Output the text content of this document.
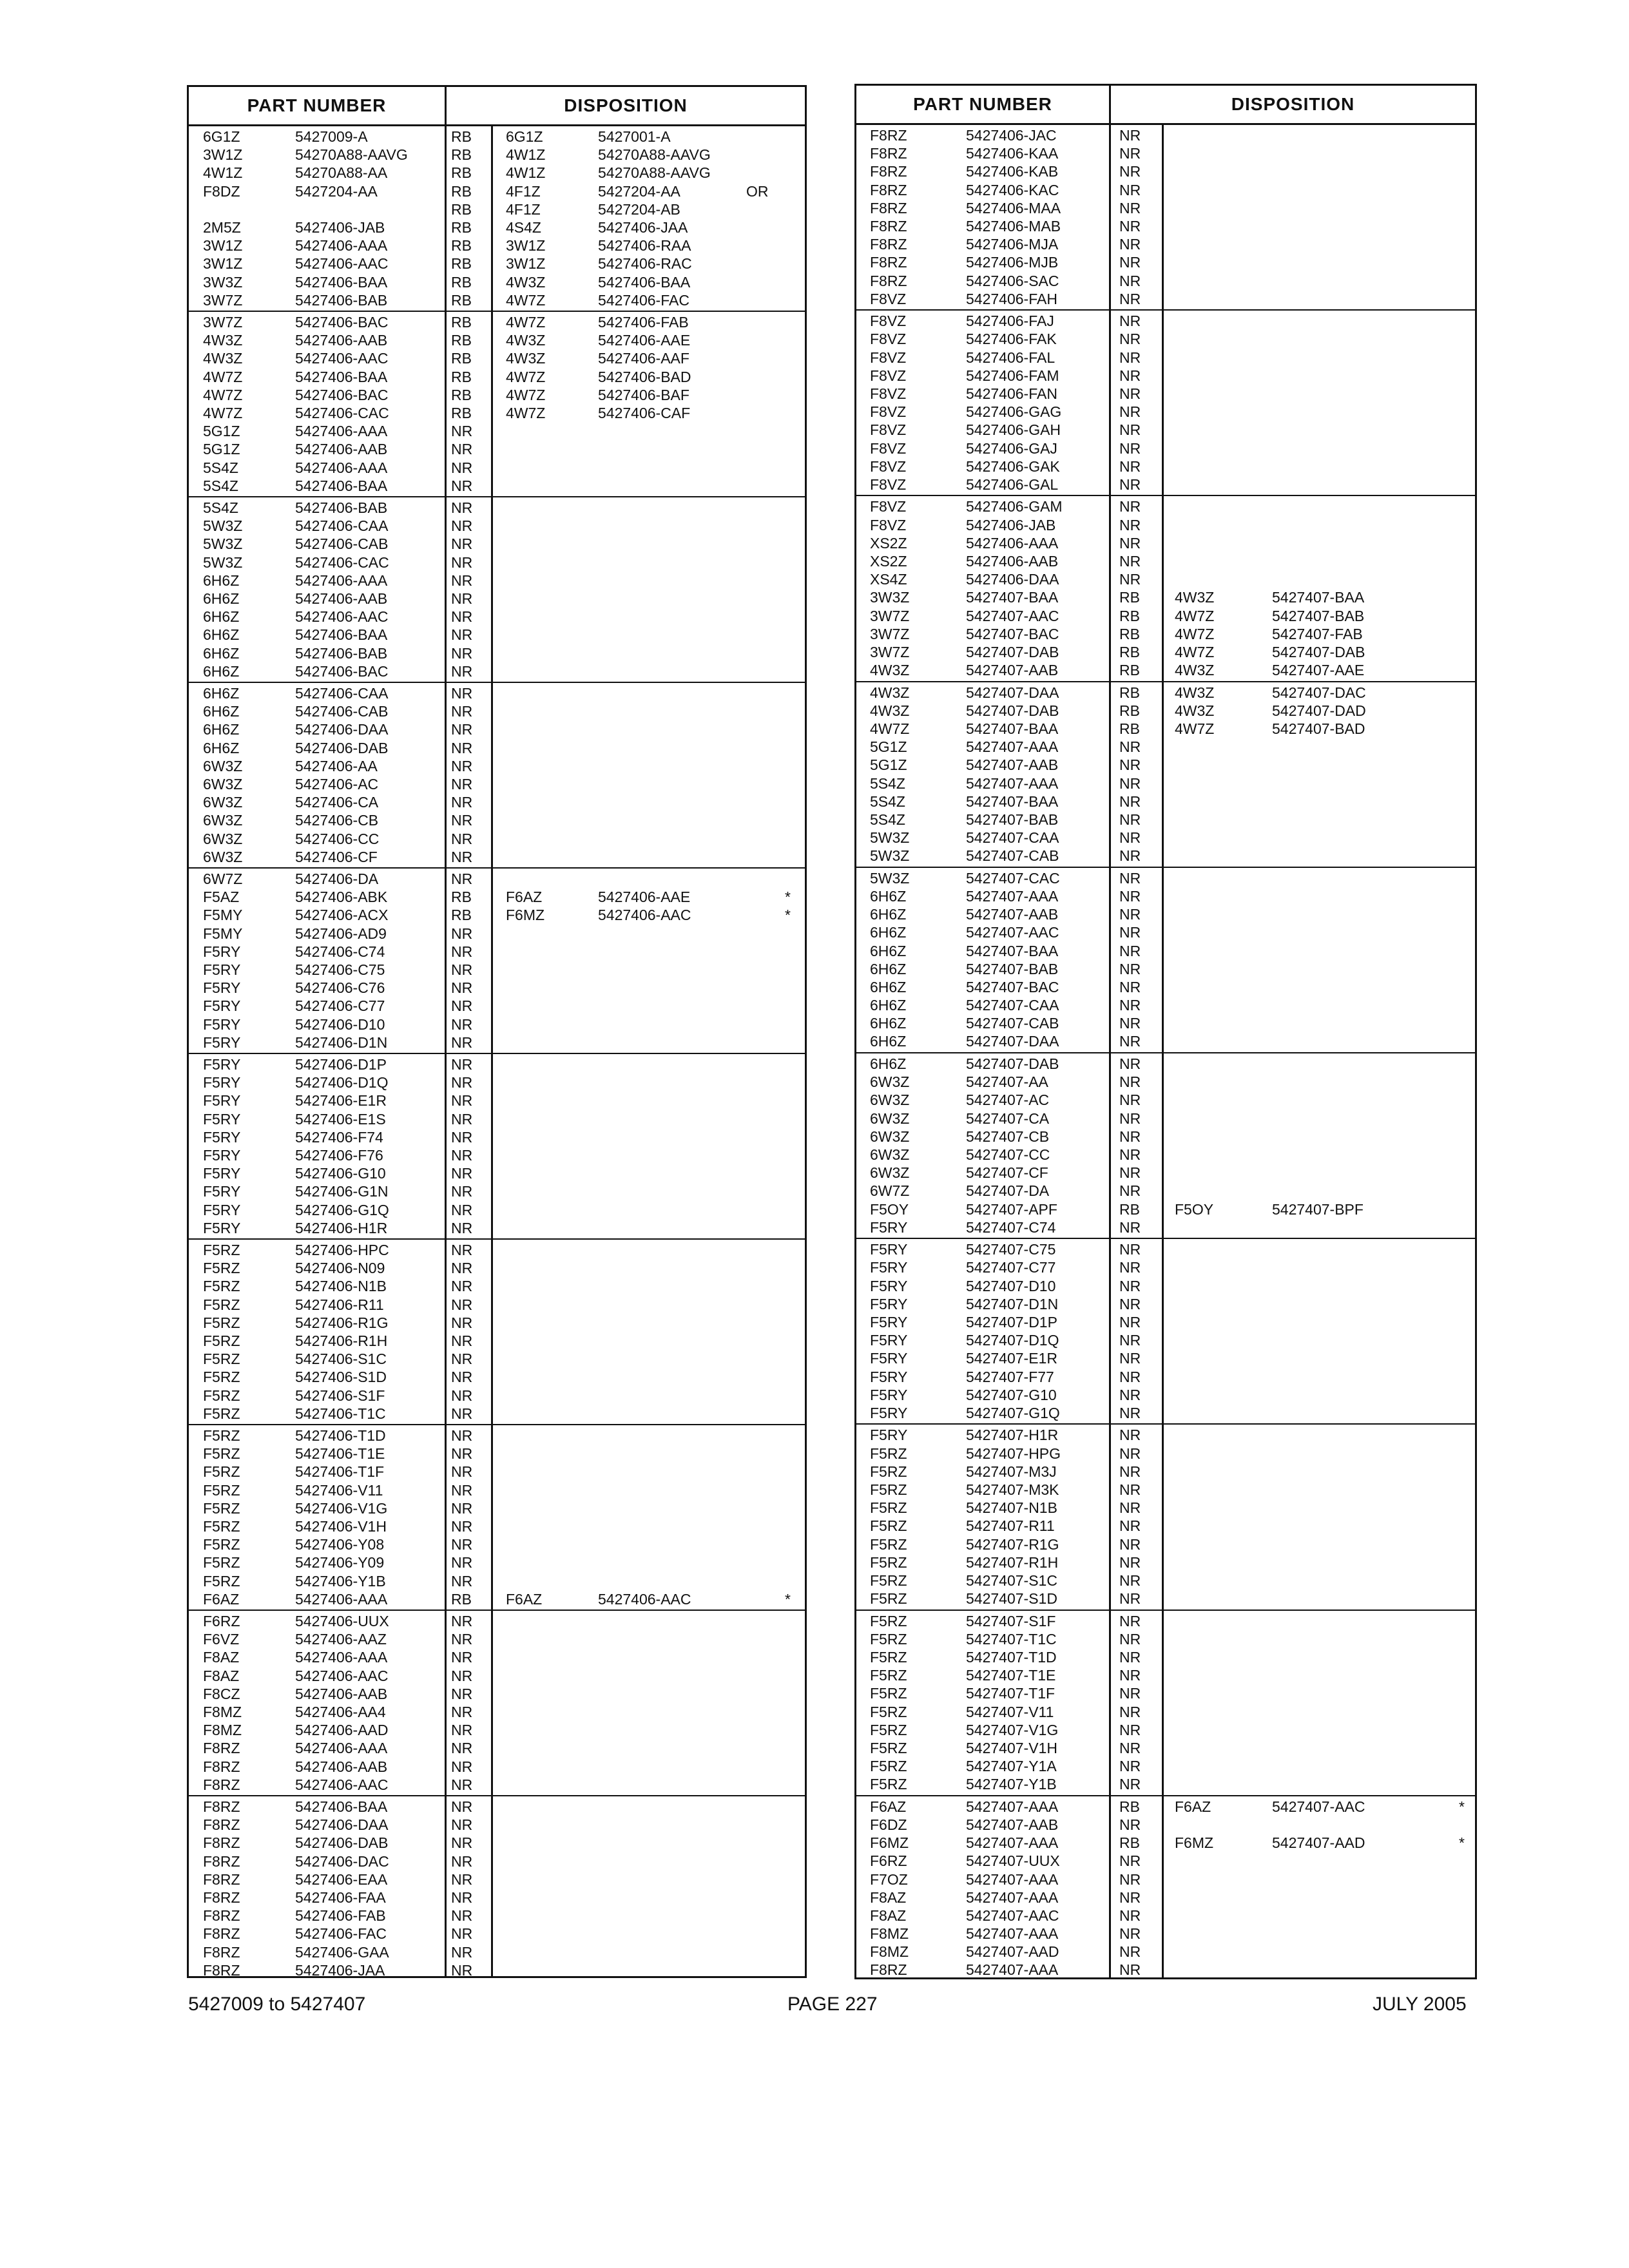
PART NUMBER	DISPOSITION
6G1Z	5427009-A	RB 6G1Z	5427001-A
3W1Z	54270A88-AAVG	RB 4W1Z	54270A88-AAVG
4W1Z	54270A88-AA	RB 4W1Z	54270A88-AAVG
F8DZ	5427204-AA	RB 4F1Z	5427204-AA	OR
RB 4F1Z	5427204-AB
2M5Z	5427406-JAB	RB 4S4Z	5427406-JAA
3W1Z	5427406-AAA	RB 3W1Z	5427406-RAA
3W1Z	5427406-AAC	RB 3W1Z	5427406-RAC
3W3Z	5427406-BAA	RB 4W3Z	5427406-BAA
3W7Z	5427406-BAB	RB 4W7Z	5427406-FAC
3W7Z	5427406-BAC	RB 4W7Z	5427406-FAB
4W3Z	5427406-AAB	RB 4W3Z	5427406-AAE
4W3Z	5427406-AAC	RB 4W3Z	5427406-AAF
4W7Z	5427406-BAA	RB 4W7Z	5427406-BAD
4W7Z	5427406-BAC	RB 4W7Z	5427406-BAF
4W7Z	5427406-CAC	RB 4W7Z	5427406-CAF
5G1Z	5427406-AAA	NR
5G1Z	5427406-AAB	NR
5S4Z	5427406-AAA	NR
5S4Z	5427406-BAA	NR
5S4Z	5427406-BAB	NR
5W3Z	5427406-CAA	NR
5W3Z	5427406-CAB	NR
5W3Z	5427406-CAC	NR
6H6Z	5427406-AAA	NR
6H6Z	5427406-AAB	NR
6H6Z	5427406-AAC	NR
6H6Z	5427406-BAA	NR
6H6Z	5427406-BAB	NR
6H6Z	5427406-BAC	NR
6H6Z	5427406-CAA	NR
6H6Z	5427406-CAB	NR
6H6Z	5427406-DAA	NR
6H6Z	5427406-DAB	NR
6W3Z	5427406-AA	NR
6W3Z	5427406-AC	NR
6W3Z	5427406-CA	NR
6W3Z	5427406-CB	NR
6W3Z	5427406-CC	NR
6W3Z	5427406-CF	NR
6W7Z	5427406-DA	NR
F5AZ	5427406-ABK	RB F6AZ	5427406-AAE	*
F5MY	5427406-ACX	RB F6MZ	5427406-AAC	*
F5MY	5427406-AD9	NR
F5RY	5427406-C74	NR
F5RY	5427406-C75	NR
F5RY	5427406-C76	NR
F5RY	5427406-C77	NR
F5RY	5427406-D10	NR
F5RY	5427406-D1N	NR
F5RY	5427406-D1P	NR
F5RY	5427406-D1Q	NR
F5RY	5427406-E1R	NR
F5RY	5427406-E1S	NR
F5RY	5427406-F74	NR
F5RY	5427406-F76	NR
F5RY	5427406-G10	NR
F5RY	5427406-G1N	NR
F5RY	5427406-G1Q	NR
F5RY	5427406-H1R	NR
F5RZ	5427406-HPC	NR
F5RZ	5427406-N09	NR
F5RZ	5427406-N1B	NR
F5RZ	5427406-R11	NR
F5RZ	5427406-R1G	NR
F5RZ	5427406-R1H	NR
F5RZ	5427406-S1C	NR
F5RZ	5427406-S1D	NR
F5RZ	5427406-S1F	NR
F5RZ	5427406-T1C	NR
F5RZ	5427406-T1D	NR
F5RZ	5427406-T1E	NR
F5RZ	5427406-T1F	NR
F5RZ	5427406-V11	NR
F5RZ	5427406-V1G	NR
F5RZ	5427406-V1H	NR
F5RZ	5427406-Y08	NR
F5RZ	5427406-Y09	NR
F5RZ	5427406-Y1B	NR
F6AZ	5427406-AAA	RB F6AZ	5427406-AAC	*
F6RZ	5427406-UUX	NR
F6VZ	5427406-AAZ	NR
F8AZ	5427406-AAA	NR
F8AZ	5427406-AAC	NR
F8CZ	5427406-AAB	NR
F8MZ	5427406-AA4	NR
F8MZ	5427406-AAD	NR
F8RZ	5427406-AAA	NR
F8RZ	5427406-AAB	NR
F8RZ	5427406-AAC	NR
F8RZ	5427406-BAA	NR
F8RZ	5427406-DAA	NR
F8RZ	5427406-DAB	NR
F8RZ	5427406-DAC	NR
F8RZ	5427406-EAA	NR
F8RZ	5427406-FAA	NR
F8RZ	5427406-FAB	NR
F8RZ	5427406-FAC	NR
F8RZ	5427406-GAA	NR
F8RZ	5427406-JAA	NR
PART NUMBER	DISPOSITION
F8RZ	5427406-JAC	NR
F8RZ	5427406-KAA	NR
F8RZ	5427406-KAB	NR
F8RZ	5427406-KAC	NR
F8RZ	5427406-MAA	NR
F8RZ	5427406-MAB	NR
F8RZ	5427406-MJA	NR
F8RZ	5427406-MJB	NR
F8RZ	5427406-SAC	NR
F8VZ	5427406-FAH	NR
F8VZ	5427406-FAJ	NR
F8VZ	5427406-FAK	NR
F8VZ	5427406-FAL	NR
F8VZ	5427406-FAM	NR
F8VZ	5427406-FAN	NR
F8VZ	5427406-GAG	NR
F8VZ	5427406-GAH	NR
F8VZ	5427406-GAJ	NR
F8VZ	5427406-GAK	NR
F8VZ	5427406-GAL	NR
F8VZ	5427406-GAM	NR
F8VZ	5427406-JAB	NR
XS2Z	5427406-AAA	NR
XS2Z	5427406-AAB	NR
XS4Z	5427406-DAA	NR
3W3Z	5427407-BAA	RB 4W3Z	5427407-BAA
3W7Z	5427407-AAC	RB 4W7Z	5427407-BAB
3W7Z	5427407-BAC	RB 4W7Z	5427407-FAB
3W7Z	5427407-DAB	RB 4W7Z	5427407-DAB
4W3Z	5427407-AAB	RB 4W3Z	5427407-AAE
4W3Z	5427407-DAA	RB 4W3Z	5427407-DAC
4W3Z	5427407-DAB	RB 4W3Z	5427407-DAD
4W7Z	5427407-BAA	RB 4W7Z	5427407-BAD
5G1Z	5427407-AAA	NR
5G1Z	5427407-AAB	NR
5S4Z	5427407-AAA	NR
5S4Z	5427407-BAA	NR
5S4Z	5427407-BAB	NR
5W3Z	5427407-CAA	NR
5W3Z	5427407-CAB	NR
5W3Z	5427407-CAC	NR
6H6Z	5427407-AAA	NR
6H6Z	5427407-AAB	NR
6H6Z	5427407-AAC	NR
6H6Z	5427407-BAA	NR
6H6Z	5427407-BAB	NR
6H6Z	5427407-BAC	NR
6H6Z	5427407-CAA	NR
6H6Z	5427407-CAB	NR
6H6Z	5427407-DAA	NR
6H6Z	5427407-DAB	NR
6W3Z	5427407-AA	NR
6W3Z	5427407-AC	NR
6W3Z	5427407-CA	NR
6W3Z	5427407-CB	NR
6W3Z	5427407-CC	NR
6W3Z	5427407-CF	NR
6W7Z	5427407-DA	NR
F5OY	5427407-APF	RB F5OY	5427407-BPF
F5RY	5427407-C74	NR
F5RY	5427407-C75	NR
F5RY	5427407-C77	NR
F5RY	5427407-D10	NR
F5RY	5427407-D1N	NR
F5RY	5427407-D1P	NR
F5RY	5427407-D1Q	NR
F5RY	5427407-E1R	NR
F5RY	5427407-F77	NR
F5RY	5427407-G10	NR
F5RY	5427407-G1Q	NR
F5RY	5427407-H1R	NR
F5RZ	5427407-HPG	NR
F5RZ	5427407-M3J	NR
F5RZ	5427407-M3K	NR
F5RZ	5427407-N1B	NR
F5RZ	5427407-R11	NR
F5RZ	5427407-R1G	NR
F5RZ	5427407-R1H	NR
F5RZ	5427407-S1C	NR
F5RZ	5427407-S1D	NR
F5RZ	5427407-S1F	NR
F5RZ	5427407-T1C	NR
F5RZ	5427407-T1D	NR
F5RZ	5427407-T1E	NR
F5RZ	5427407-T1F	NR
F5RZ	5427407-V11	NR
F5RZ	5427407-V1G	NR
F5RZ	5427407-V1H	NR
F5RZ	5427407-Y1A	NR
F5RZ	5427407-Y1B	NR
F6AZ	5427407-AAA	RB F6AZ	5427407-AAC	*
F6DZ	5427407-AAB	NR
F6MZ	5427407-AAA	RB F6MZ	5427407-AAD	*
F6RZ	5427407-UUX	NR
F7OZ	5427407-AAA	NR
F8AZ	5427407-AAA	NR
F8AZ	5427407-AAC	NR
F8MZ	5427407-AAA	NR
F8MZ	5427407-AAD	NR
F8RZ	5427407-AAA	NR
5427009 to 5427407	PAGE 227	JULY 2005
